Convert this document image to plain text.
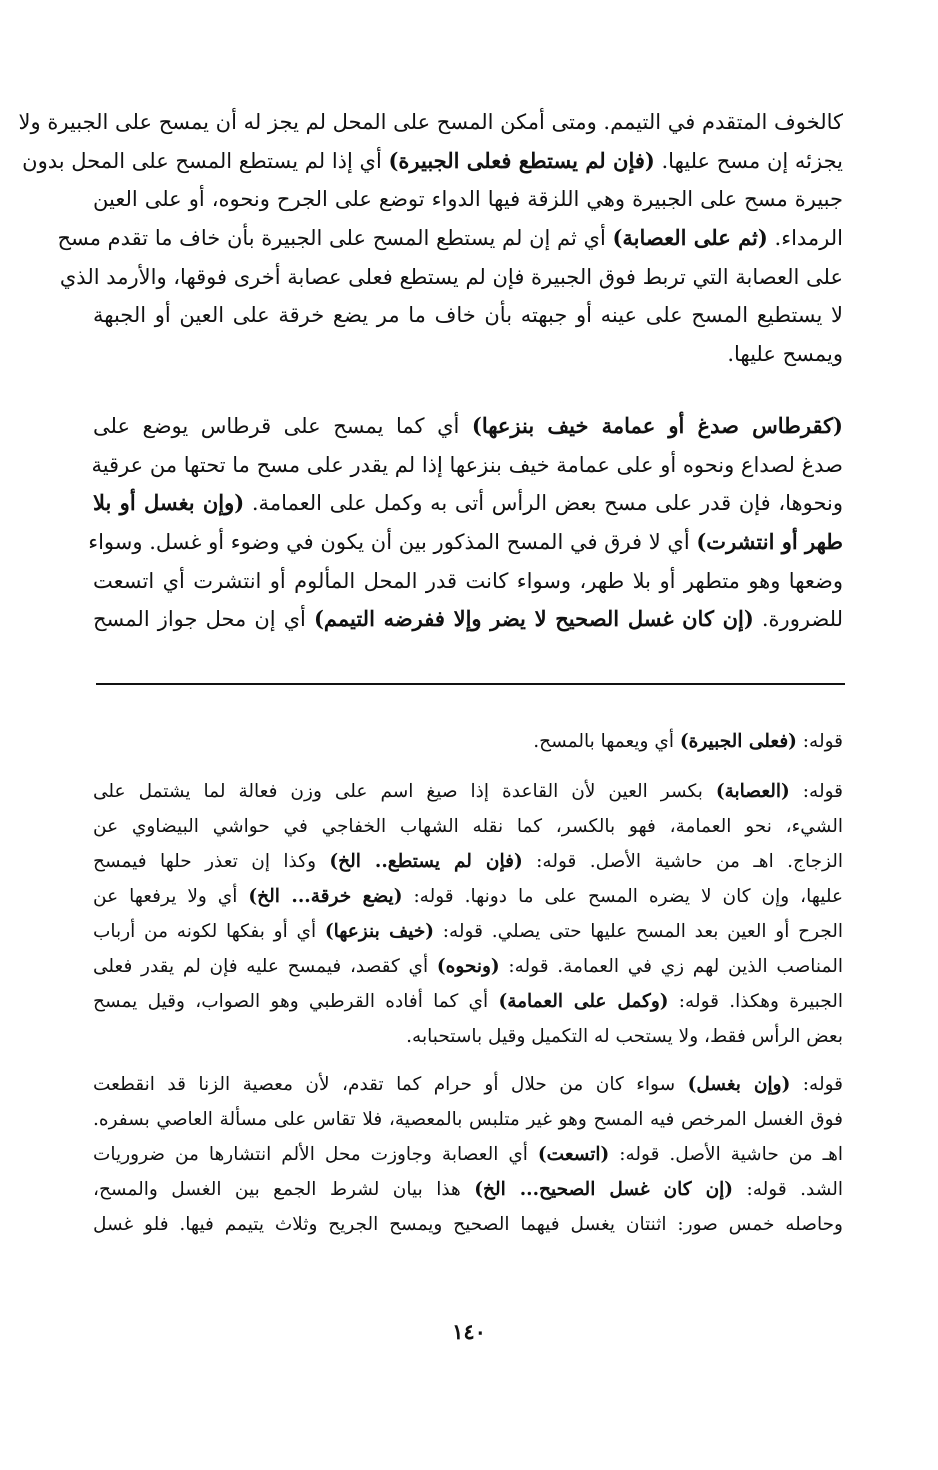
كالخوف المتقدم في التيمم. ومتى أمكن المسح على المحل لم يجز له أن يمسح على الجبيرة ولا
يجزئه إن مسح عليها. (فإن لم يستطع فعلى الجبيرة) أي إذا لم يستطع المسح على المحل بدون
جبيرة مسح على الجبيرة وهي اللزقة فيها الدواء توضع على الجرح ونحوه، أو على العين
الرمداء. (ثم على العصابة) أي ثم إن لم يستطع المسح على الجبيرة بأن خاف ما تقدم مسح
على العصابة التي تربط فوق الجبيرة فإن لم يستطع فعلى عصابة أخرى فوقها، والأرمد الذي
لا يستطيع المسح على عينه أو جبهته بأن خاف ما مر يضع خرقة على العين أو الجبهة
ويمسح عليها.
(كقرطاس صدغ أو عمامة خيف بنزعها) أي كما يمسح على قرطاس يوضع على
صدغ لصداع ونحوه أو على عمامة خيف بنزعها إذا لم يقدر على مسح ما تحتها من عرقية
ونحوها، فإن قدر على مسح بعض الرأس أتى به وكمل على العمامة. (وإن بغسل أو بلا
طهر أو انتشرت) أي لا فرق في المسح المذكور بين أن يكون في وضوء أو غسل. وسواء
وضعها وهو متطهر أو بلا طهر، وسواء كانت قدر المحل المألوم أو انتشرت أي اتسعت
للضرورة. (إن كان غسل الصحيح لا يضر وإلا ففرضه التيمم) أي إن محل جواز المسح
قوله: (فعلى الجبيرة) أي ويعمها بالمسح.
قوله: (العصابة) بكسر العين لأن القاعدة إذا صيغ اسم على وزن فعالة لما يشتمل على
الشيء، نحو العمامة، فهو بالكسر، كما نقله الشهاب الخفاجي في حواشي البيضاوي عن
الزجاج. اهـ من حاشية الأصل. قوله: (فإن لم يستطع.. الخ) وكذا إن تعذر حلها فيمسح
عليها، وإن كان لا يضره المسح على ما دونها. قوله: (يضع خرقة... الخ) أي ولا يرفعها عن
الجرح أو العين بعد المسح عليها حتى يصلي. قوله: (خيف بنزعها) أي أو بفكها لكونه من أرباب
المناصب الذين لهم زي في العمامة. قوله: (ونحوه) أي كقصد، فيمسح عليه فإن لم يقدر فعلى
الجبيرة وهكذا. قوله: (وكمل على العمامة) أي كما أفاده القرطبي وهو الصواب، وقيل يمسح
بعض الرأس فقط، ولا يستحب له التكميل وقيل باستحبابه.
قوله: (وإن بغسل) سواء كان من حلال أو حرام كما تقدم، لأن معصية الزنا قد انقطعت
فوق الغسل المرخص فيه المسح وهو غير متلبس بالمعصية، فلا تقاس على مسألة العاصي بسفره.
اهـ من حاشية الأصل. قوله: (اتسعت) أي العصابة وجاوزت محل الألم انتشارها من ضروريات
الشد. قوله: (إن كان غسل الصحيح... الخ) هذا بيان لشرط الجمع بين الغسل والمسح،
وحاصله خمس صور: اثنتان يغسل فيهما الصحيح ويمسح الجريح وثلاث يتيمم فيها. فلو غسل
١٤٠
